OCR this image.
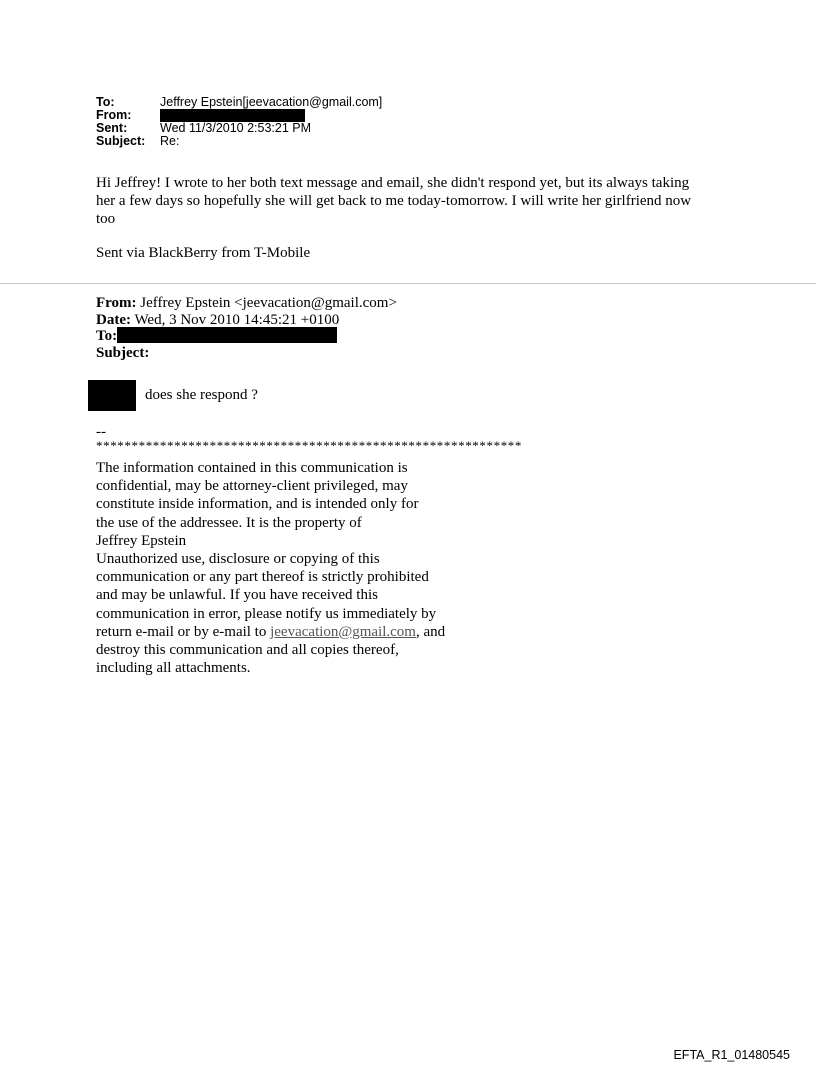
To:	Jeffrey Epstein[jeevacation@gmail.com]
From:
Sent:	Wed 11/3/2010 2:53:21 PM
Subject:	Re:
Hi Jeffrey! I wrote to her both text message and email, she didn't respond yet, but its always taking her a few days so hopefully she will get back to me today-tomorrow. I will write her girlfriend now too
Sent via BlackBerry from T-Mobile
From: Jeffrey Epstein <jeevacation@gmail.com>
Date: Wed, 3 Nov 2010 14:45:21 +0100
To:
Subject:
does she respond ?
--
************************************************************
The information contained in this communication is
confidential, may be attorney-client privileged, may
constitute inside information, and is intended only for
the use of the addressee. It is the property of
Jeffrey Epstein
Unauthorized use, disclosure or copying of this
communication or any part thereof is strictly prohibited
and may be unlawful. If you have received this
communication in error, please notify us immediately by
return e-mail or by e-mail to jeevacation@gmail.com, and
destroy this communication and all copies thereof,
including all attachments.
EFTA_R1_01480545
